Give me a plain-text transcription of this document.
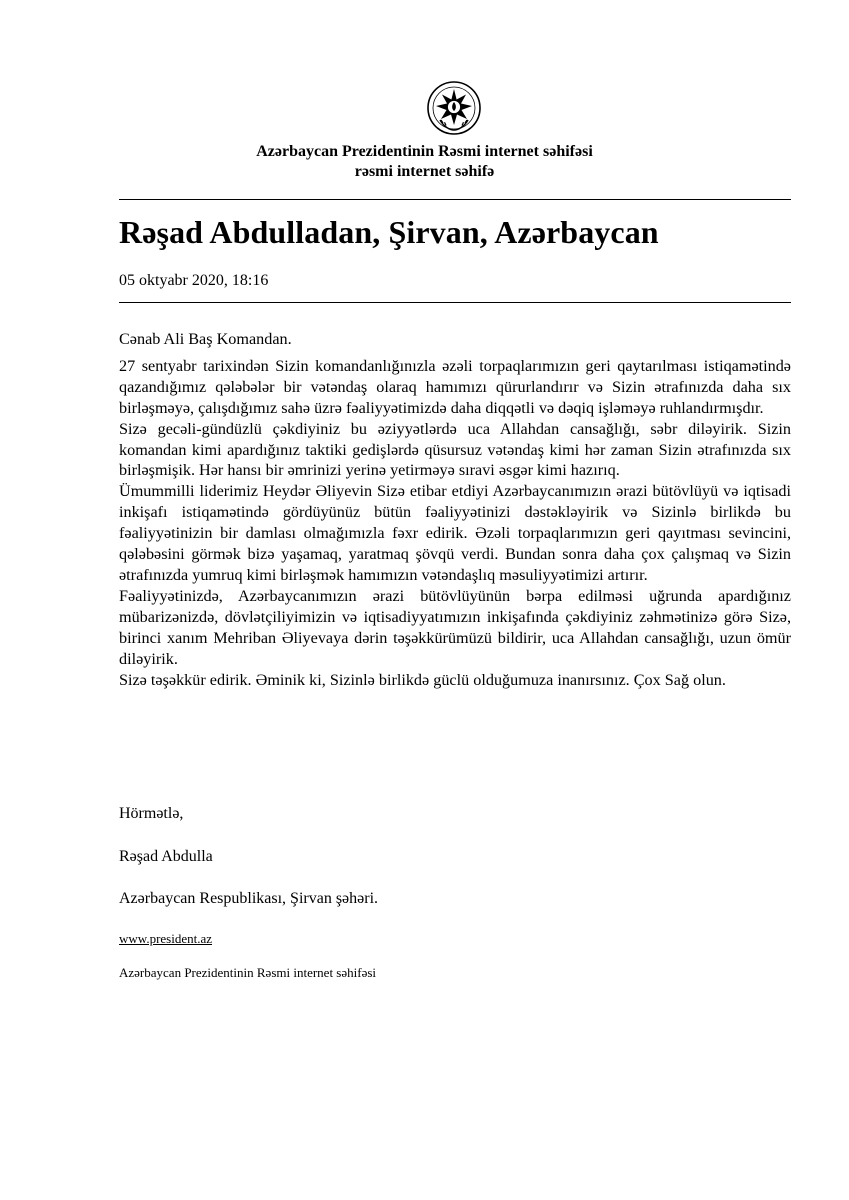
Azərbaycan Prezidentinin Rəsmi internet səhifəsi
rəsmi internet səhifə
Rəşad Abdulladan, Şirvan, Azərbaycan
05 oktyabr 2020, 18:16

Cənab Ali Baş Komandan.

27 sentyabr tarixindən Sizin komandanlığınızla əzəli torpaqlarımızın geri qaytarılması istiqamətində qazandığımız qələbələr bir vətəndaş olaraq hamımızı qürurlandırır və Sizin ətrafınızda daha sıx birləşməyə, çalışdığımız sahə üzrə fəaliyyətimizdə daha diqqətli və dəqiq işləməyə ruhlandırmışdır.

Sizə gecəli-gündüzlü çəkdiyiniz bu əziyyətlərdə uca Allahdan cansağlığı, səbr diləyirik. Sizin komandan kimi apardığınız taktiki gedişlərdə qüsursuz vətəndaş kimi hər zaman Sizin ətrafınızda sıx birləşmişik. Hər hansı bir əmrinizi yerinə yetirməyə sıravi əsgər kimi hazırıq.

Ümummilli liderimiz Heydər Əliyevin Sizə etibar etdiyi Azərbaycanımızın ərazi bütövlüyü və iqtisadi inkişafı istiqamətində gördüyünüz bütün fəaliyyətinizi dəstəkləyirik və Sizinlə birlikdə bu fəaliyyətinizin bir damlası olmağımızla fəxr edirik. Əzəli torpaqlarımızın geri qayıtması sevincini, qələbəsini görmək bizə yaşamaq, yaratmaq şövqü verdi. Bundan sonra daha çox çalışmaq və Sizin ətrafınızda yumruq kimi birləşmək hamımızın vətəndaşlıq məsuliyyətimizi artırır.

Fəaliyyətinizdə, Azərbaycanımızın ərazi bütövlüyünün bərpa edilməsi uğrunda apardığınız mübarizənizdə, dövlətçiliyimizin və iqtisadiyyatımızın inkişafında çəkdiyiniz zəhmətinizə görə Sizə, birinci xanım Mehriban Əliyevaya dərin təşəkkürümüzü bildirir, uca Allahdan cansağlığı, uzun ömür diləyirik.

Sizə təşəkkür edirik. Əminik ki, Sizinlə birlikdə güclü olduğumuza inanırsınız. Çox Sağ olun.

Hörmətlə,
Rəşad Abdulla
Azərbaycan Respublikası, Şirvan şəhəri.
www.president.az
Azərbaycan Prezidentinin Rəsmi internet səhifəsi
